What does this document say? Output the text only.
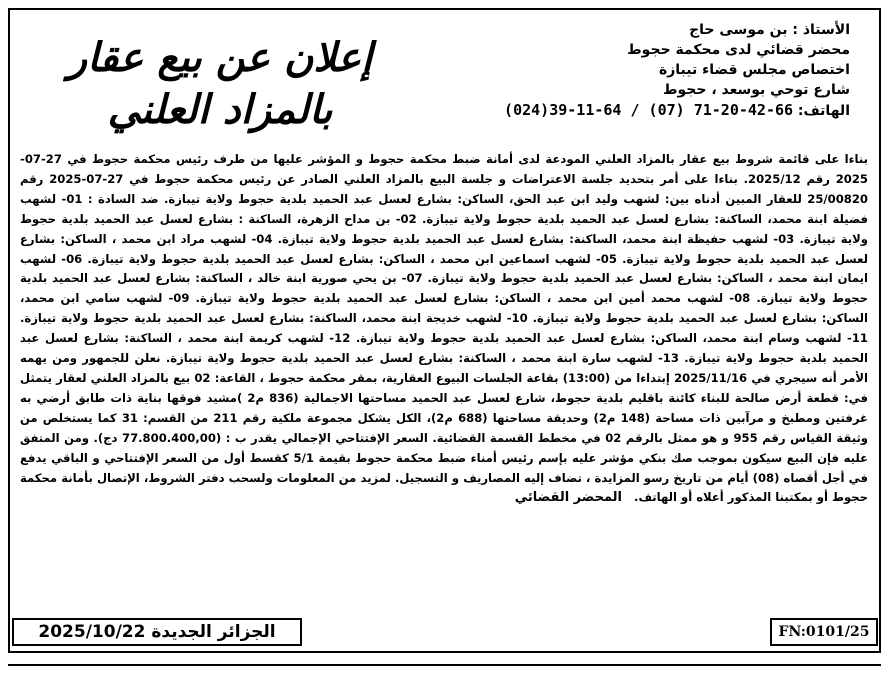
الأستاذ : بن موسى حاج
محضر قضائي لدى محكمة حجوط
اختصاص مجلس قضاء تيبازة
شارع توحي بوسعد ، حجوط
الهاتف: (024)39-11-64 / (07) 71-20-42-66
إعلان عن بيع عقار
بالمزاد العلني
بناءا على قائمة شروط بيع عقار بالمزاد العلني المودعة لدى أمانة ضبط محكمة حجوط و المؤشر عليها من طرف رئيس محكمة حجوط في 27-07-2025 رقم 2025/12. بناءا على أمر بتحديد جلسة الاعتراضات و جلسة البيع بالمزاد العلني الصادر عن رئيس محكمة حجوط في 27-07-2025 رقم 25/00820 للعقار المبين أدناه بين: لشهب وليد ابن عبد الحق، الساكن: بشارع لعسل عبد الحميد بلدية حجوط ولاية تيبازة. ضد السادة : 01- لشهب فضيلة ابنة محمد، الساكنة: بشارع لعسل عبد الحميد بلدية حجوط ولاية تيبازة. 02- بن مداح الزهرة، الساكنة : بشارع لعسل عبد الحميد بلدية حجوط ولاية تيبازة. 03- لشهب حفيظة ابنة محمد، الساكنة: بشارع لعسل عبد الحميد بلدية حجوط ولاية تيبازة. 04- لشهب مراد ابن محمد ، الساكن: بشارع لعسل عبد الحميد بلدية حجوط ولاية تيبازة. 05- لشهب اسماعين ابن محمد ، الساكن: بشارع لعسل عبد الحميد بلدية حجوط ولاية تيبازة. 06- لشهب ايمان ابنة محمد ، الساكن: بشارع لعسل عبد الحميد بلدية حجوط ولاية تيبازة. 07- بن يحي صورية ابنة خالد ، الساكنة: بشارع لعسل عبد الحميد بلدية حجوط ولاية تيبازة. 08- لشهب محمد أمين ابن محمد ، الساكن: بشارع لعسل عبد الحميد بلدية حجوط ولاية تيبازة. 09- لشهب سامي ابن محمد، الساكن: بشارع لعسل عبد الحميد بلدية حجوط ولاية تيبازة. 10- لشهب خديجة ابنة محمد، الساكنة: بشارع لعسل عبد الحميد بلدية حجوط ولاية تيبازة. 11- لشهب وسام ابنة محمد، الساكن: بشارع لعسل عبد الحميد بلدية حجوط ولاية تيبازة. 12- لشهب كريمة ابنة محمد ، الساكنة: بشارع لعسل عبد الحميد بلدية حجوط ولاية تيبازة. 13- لشهب سارة ابنة محمد ، الساكنة: بشارع لعسل عبد الحميد بلدية حجوط ولاية تيبازة. نعلن للجمهور ومن يهمه الأمر أنه سيجري في 2025/11/16 إبتداءا من (13:00) بقاعة الجلسات البيوع العقارية، بمقر محكمة حجوط ، القاعة: 02 بيع بالمزاد العلني لعقار يتمثل في: قطعة أرض صالحة للبناء كائنة باقليم بلدية حجوط، شارع لعسل عبد الحميد مساحتها الاجمالية (836 م2 )مشيد فوقها بناية ذات طابق أرضي به غرفتين ومطبخ و مرآبين ذات مساحة (148 م2) وحديقة مساحتها (688 م2)، الكل يشكل مجموعة ملكية رقم 211 من القسم: 31 كما يستخلص من وثيقة القياس رقم 955 و هو ممثل بالرقم 02 في مخطط القسمة القضائية. السعر الإفتتاحي الإجمالي يقدر ب : (77.800.400,00 دج). ومن المتفق عليه فإن البيع سيكون بموجب صك بنكي مؤشر عليه بإسم رئيس أمناء ضبط محكمة حجوط بقيمة 5/1 كقسط أول من السعر الإفتتاحي و الباقي يدفع في أجل أقصاه (08) أيام من تاريخ رسو المزايدة ، تضاف إليه المصاريف و التسجيل. لمزيد من المعلومات ولسحب دفتر الشروط، الإتصال بأمانة محكمة حجوط أو بمكتبنا المذكور أعلاه أو الهاتف. المحضر القضائي
الجزائر الجديدة

2025/10/22	FN:0101/25
